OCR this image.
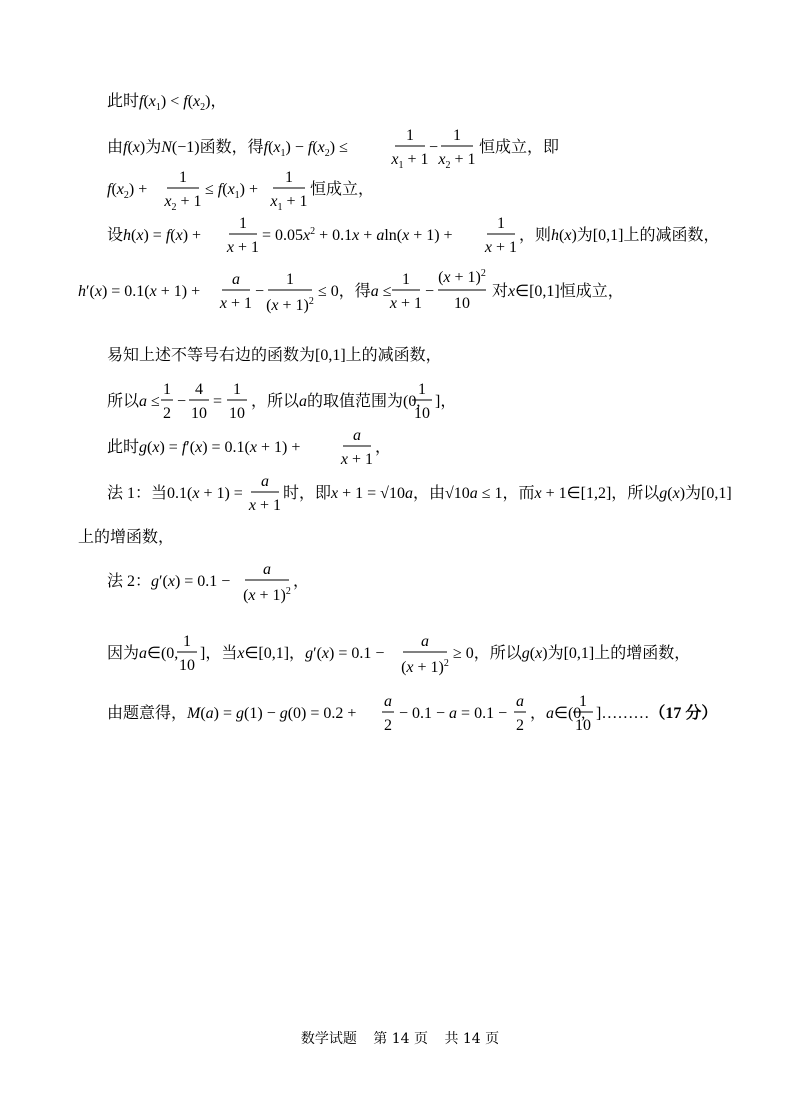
此时$f(x_1) < f(x_2)$，
由f(x)为N(−1)函数，得$f(x_1) - f(x_2)$ ≤
1
$x_1 + 1$
−
1
$x_2 + 1$
恒成立，即
$f(x_2)$ +
1
$x_2 + 1$
≤ $f(x_1)$ +
1
$x_1 + 1$
恒成立，
设h(x) = f(x) +
1
x + 1
= $0.05x^2 + 0.1x + aln(x + 1)$ +
1
x + 1
，则h(x)为[0,1]上的减函数，
h′(x) = 0.1(x + 1) +
a
x + 1
−
1
$(x + 1)^2$
≤ 0，得a ≤
1
x + 1
−
$(x + 1)^2$
10
对x∈[0,1]恒成立，
易知上述不等号右边的函数为[0,1]上的减函数，
所以a ≤
1
2
−
4
10
=
1
10
，所以a的取值范围为(0,
1
10
]，
此时g(x) = f′(x) = 0.1(x + 1) +
a
x + 1
，
法 1：当0.1(x + 1) =
a
x + 1
时，即x + 1 = √10a，由√10a ≤ 1，而x + 1∈[1,2]，所以g(x)为[0,1]
上的增函数，
法 2：g′(x) = 0.1 −
a
$(x + 1)^2$
，
因为a∈(0,
1
10
]，当x∈[0,1]，g′(x) = 0.1 −
a
$(x + 1)^2$
≥ 0，所以g(x)为[0,1]上的增函数，
由题意得，M(a) = g(1) − g(0) = 0.2 +
a
2
− 0.1 − a = 0.1 −
a
2
，a∈(0,
1
10
]………（17 分）
数学试题 第 14 页 共 14 页
